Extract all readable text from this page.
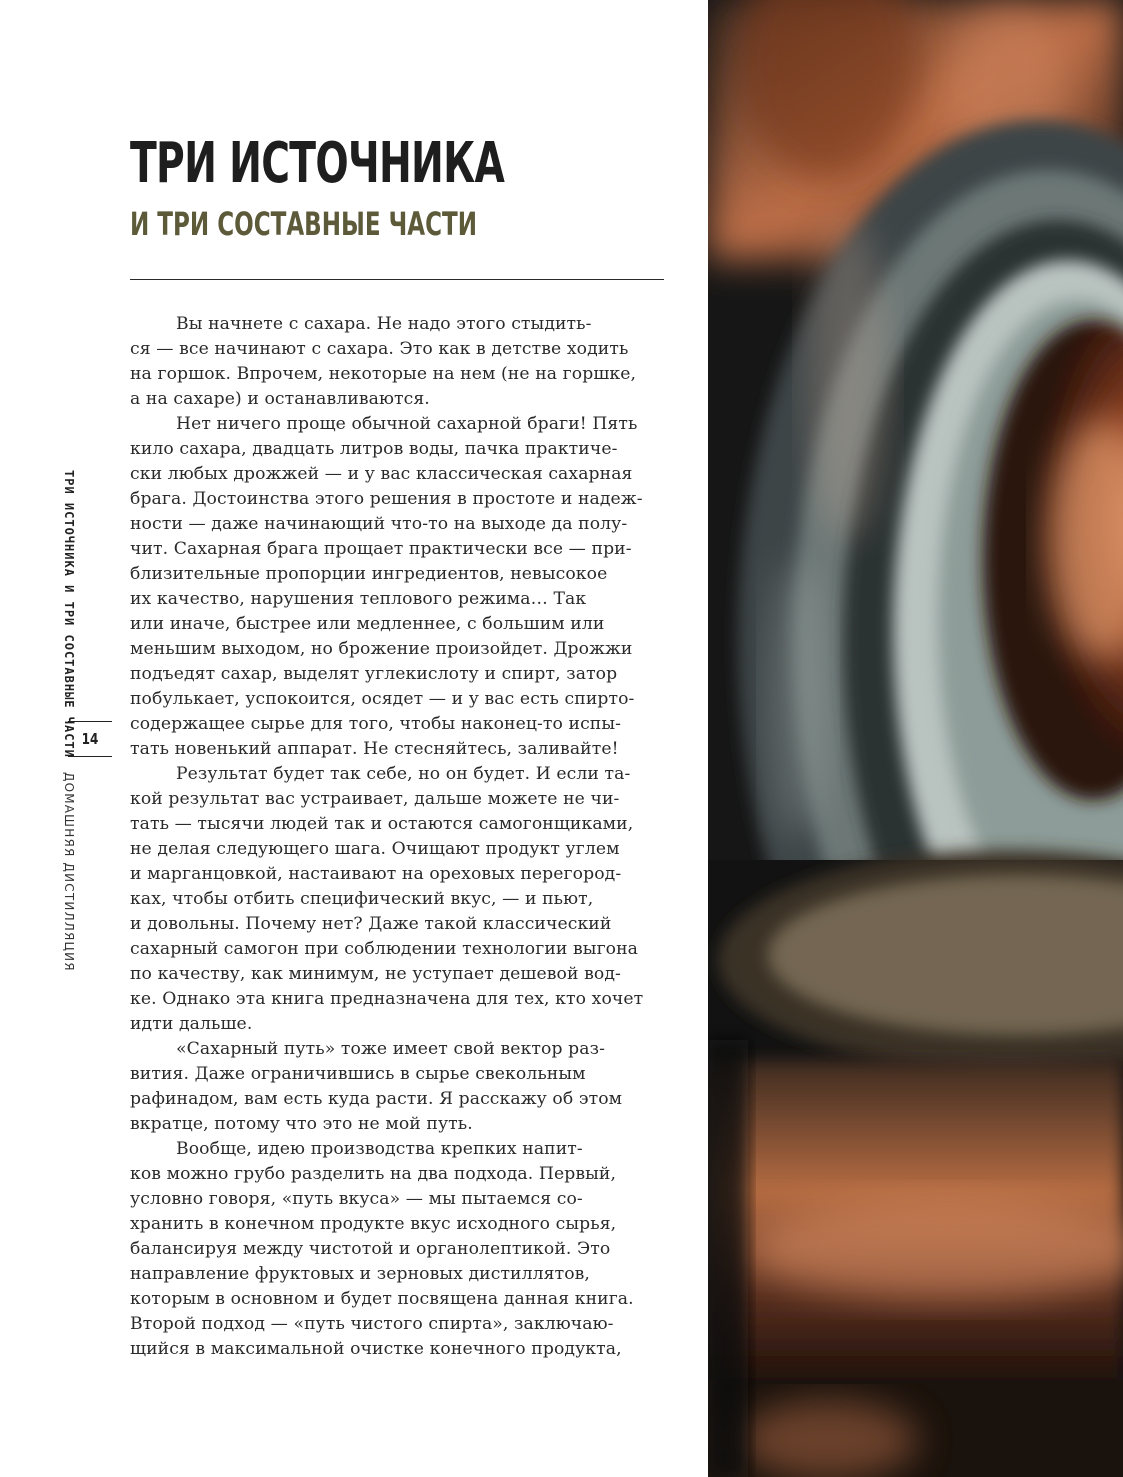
ТРИ ИСТОЧНИКА
И ТРИ СОСТАВНЫЕ ЧАСТИ
Вы начнете с сахара. Не надо этого стыдить-
ся — все начинают с сахара. Это как в детстве ходить
на горшок. Впрочем, некоторые на нем (не на горшке,
а на сахаре) и останавливаются.
Нет ничего проще обычной сахарной браги! Пять
кило сахара, двадцать литров воды, пачка практиче-
ски любых дрожжей — и у вас классическая сахарная
брага. Достоинства этого решения в простоте и надеж-
ности — даже начинающий что-то на выходе да полу-
чит. Сахарная брага прощает практически все — при-
близительные пропорции ингредиентов, невысокое
их качество, нарушения теплового режима… Так
или иначе, быстрее или медленнее, с большим или
меньшим выходом, но брожение произойдет. Дрожжи
подъедят сахар, выделят углекислоту и спирт, затор
побулькает, успокоится, осядет — и у вас есть спирто-
содержащее сырье для того, чтобы наконец-то испы-
тать новенький аппарат. Не стесняйтесь, заливайте!
Результат будет так себе, но он будет. И если та-
кой результат вас устраивает, дальше можете не чи-
тать — тысячи людей так и остаются самогонщиками,
не делая следующего шага. Очищают продукт углем
и марганцовкой, настаивают на ореховых перегород-
ках, чтобы отбить специфический вкус, — и пьют,
и довольны. Почему нет? Даже такой классический
сахарный самогон при соблюдении технологии выгона
по качеству, как минимум, не уступает дешевой вод-
ке. Однако эта книга предназначена для тех, кто хочет
идти дальше.
«Сахарный путь» тоже имеет свой вектор раз-
вития. Даже ограничившись в сырье свекольным
рафинадом, вам есть куда расти. Я расскажу об этом
вкратце, потому что это не мой путь.
Вообще, идею производства крепких напит-
ков можно грубо разделить на два подхода. Первый,
условно говоря, «путь вкуса» — мы пытаемся со-
хранить в конечном продукте вкус исходного сырья,
балансируя между чистотой и органолептикой. Это
направление фруктовых и зерновых дистиллятов,
которым в основном и будет посвящена данная книга.
Второй подход — «путь чистого спирта», заключаю-
щийся в максимальной очистке конечного продукта,
ТРИ ИСТОЧНИКА И ТРИ СОСТАВНЫЕ ЧАСТИ 14
ДОМАШНЯЯ ДИСТИЛЛЯЦИЯ
